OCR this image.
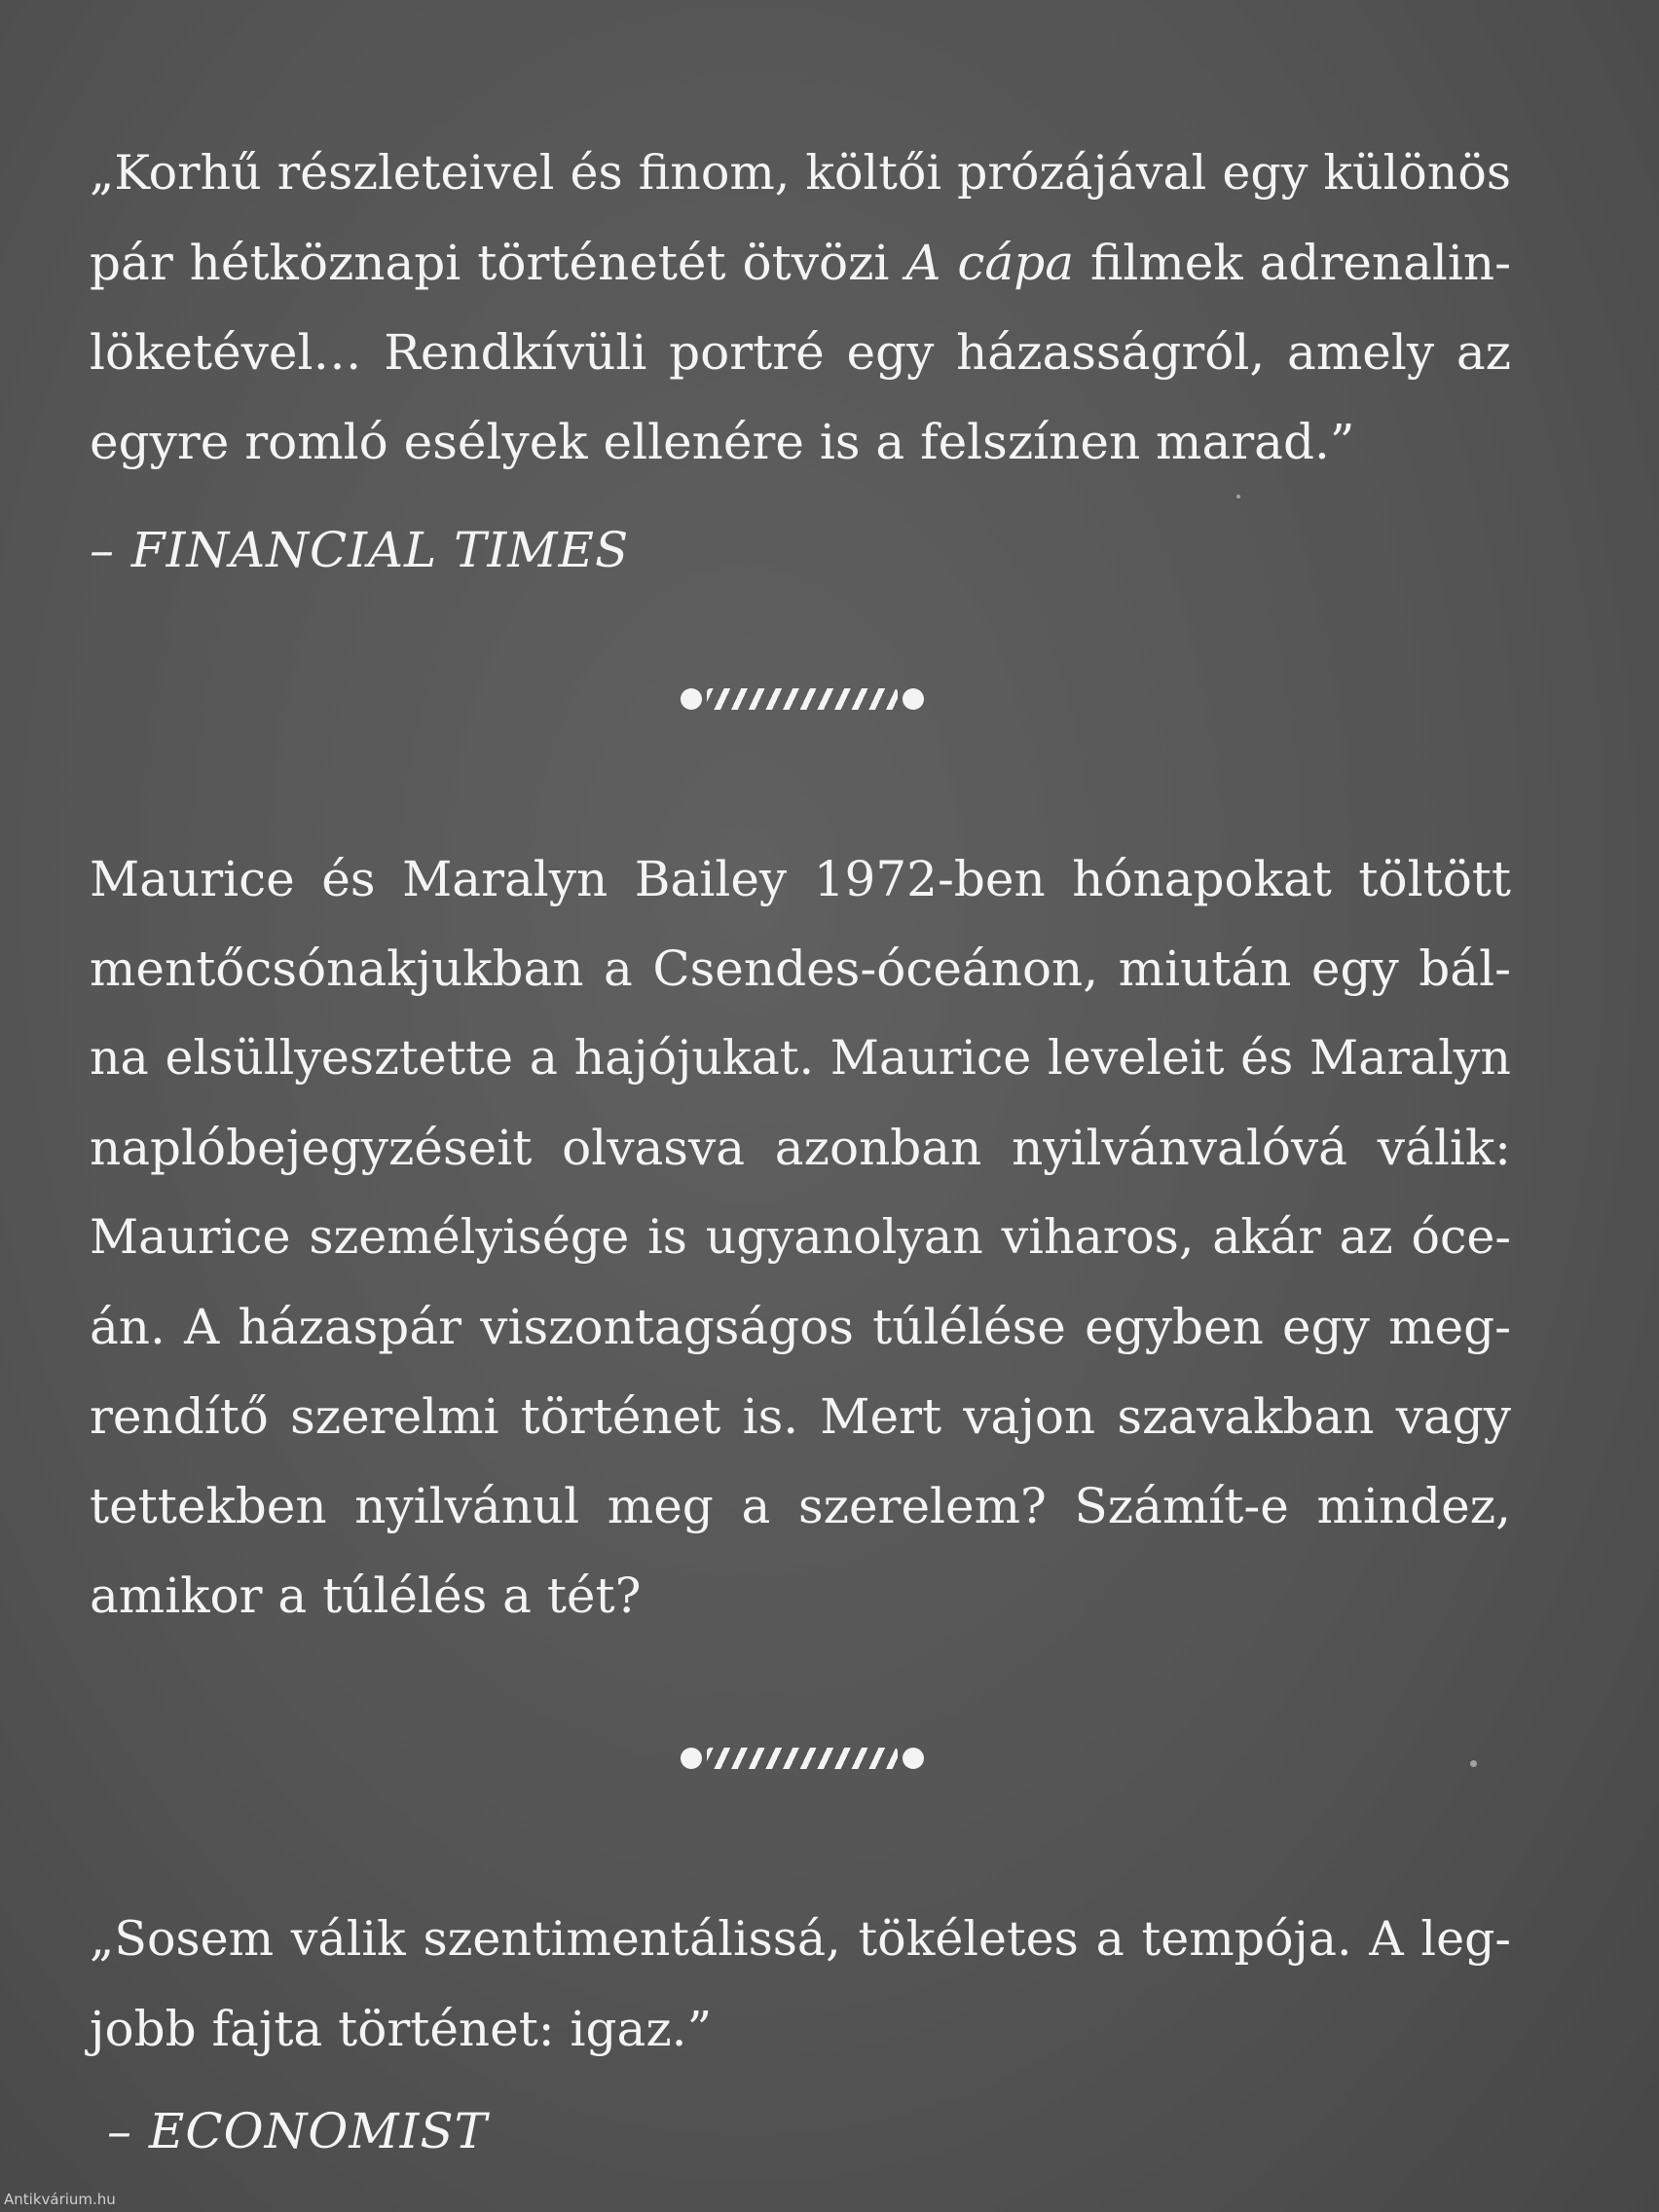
„Korhű részleteivel és finom, költői prózájával egy különös
pár hétköznapi történetét ötvözi A cápa filmek adrenalin-
löketével… Rendkívüli portré egy házasságról, amely az
egyre romló esélyek ellenére is a felszínen marad.”

– FINANCIAL TIMES

Maurice és Maralyn Bailey 1972-ben hónapokat töltött
mentőcsónakjukban a Csendes-óceánon, miután egy bál-
na elsüllyesztette a hajójukat. Maurice leveleit és Maralyn
naplóbejegyzéseit olvasva azonban nyilvánvalóvá válik:
Maurice személyisége is ugyanolyan viharos, akár az óce-
án. A házaspár viszontagságos túlélése egyben egy meg-
rendítő szerelmi történet is. Mert vajon szavakban vagy
tettekben nyilvánul meg a szerelem? Számít-e mindez,
amikor a túlélés a tét?

„Sosem válik szentimentálissá, tökéletes a tempója. A leg-
jobb fajta történet: igaz.”

– ECONOMIST
Antikvárium.hu
